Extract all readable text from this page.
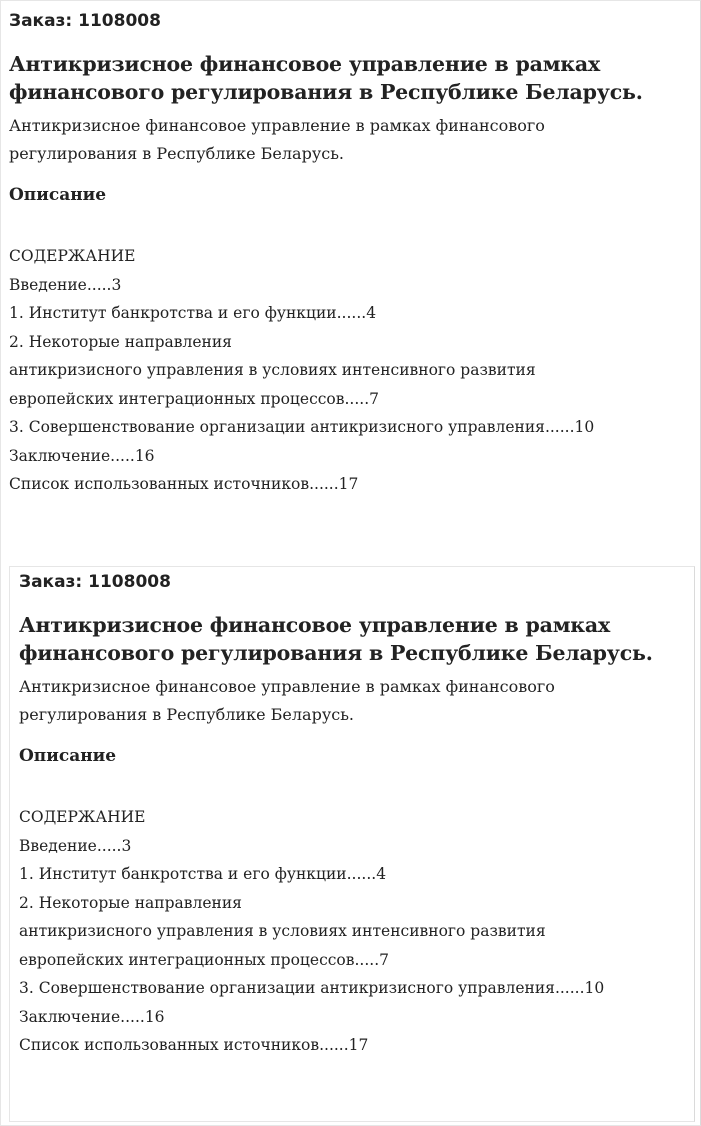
Заказ: 1108008
Антикризисное финансовое управление в рамках
финансового регулирования в Республике Беларусь.

Антикризисное финансовое управление в рамках финансового
регулирования в Республике Беларусь.

Описание
СОДЕРЖАНИЕ
Введение.....3
1. Институт банкротства и его функции......4
2. Некоторые направления
антикризисного управления в условиях интенсивного развития
европейских интеграционных процессов.....7
3. Совершенствование организации антикризисного управления......10
Заключение.....16
Список использованных источников......17
Заказ: 1108008
Антикризисное финансовое управление в рамках
финансового регулирования в Республике Беларусь.

Антикризисное финансовое управление в рамках финансового
регулирования в Республике Беларусь.

Описание
СОДЕРЖАНИЕ
Введение.....3
1. Институт банкротства и его функции......4
2. Некоторые направления
антикризисного управления в условиях интенсивного развития
европейских интеграционных процессов.....7
3. Совершенствование организации антикризисного управления......10
Заключение.....16
Список использованных источников......17
